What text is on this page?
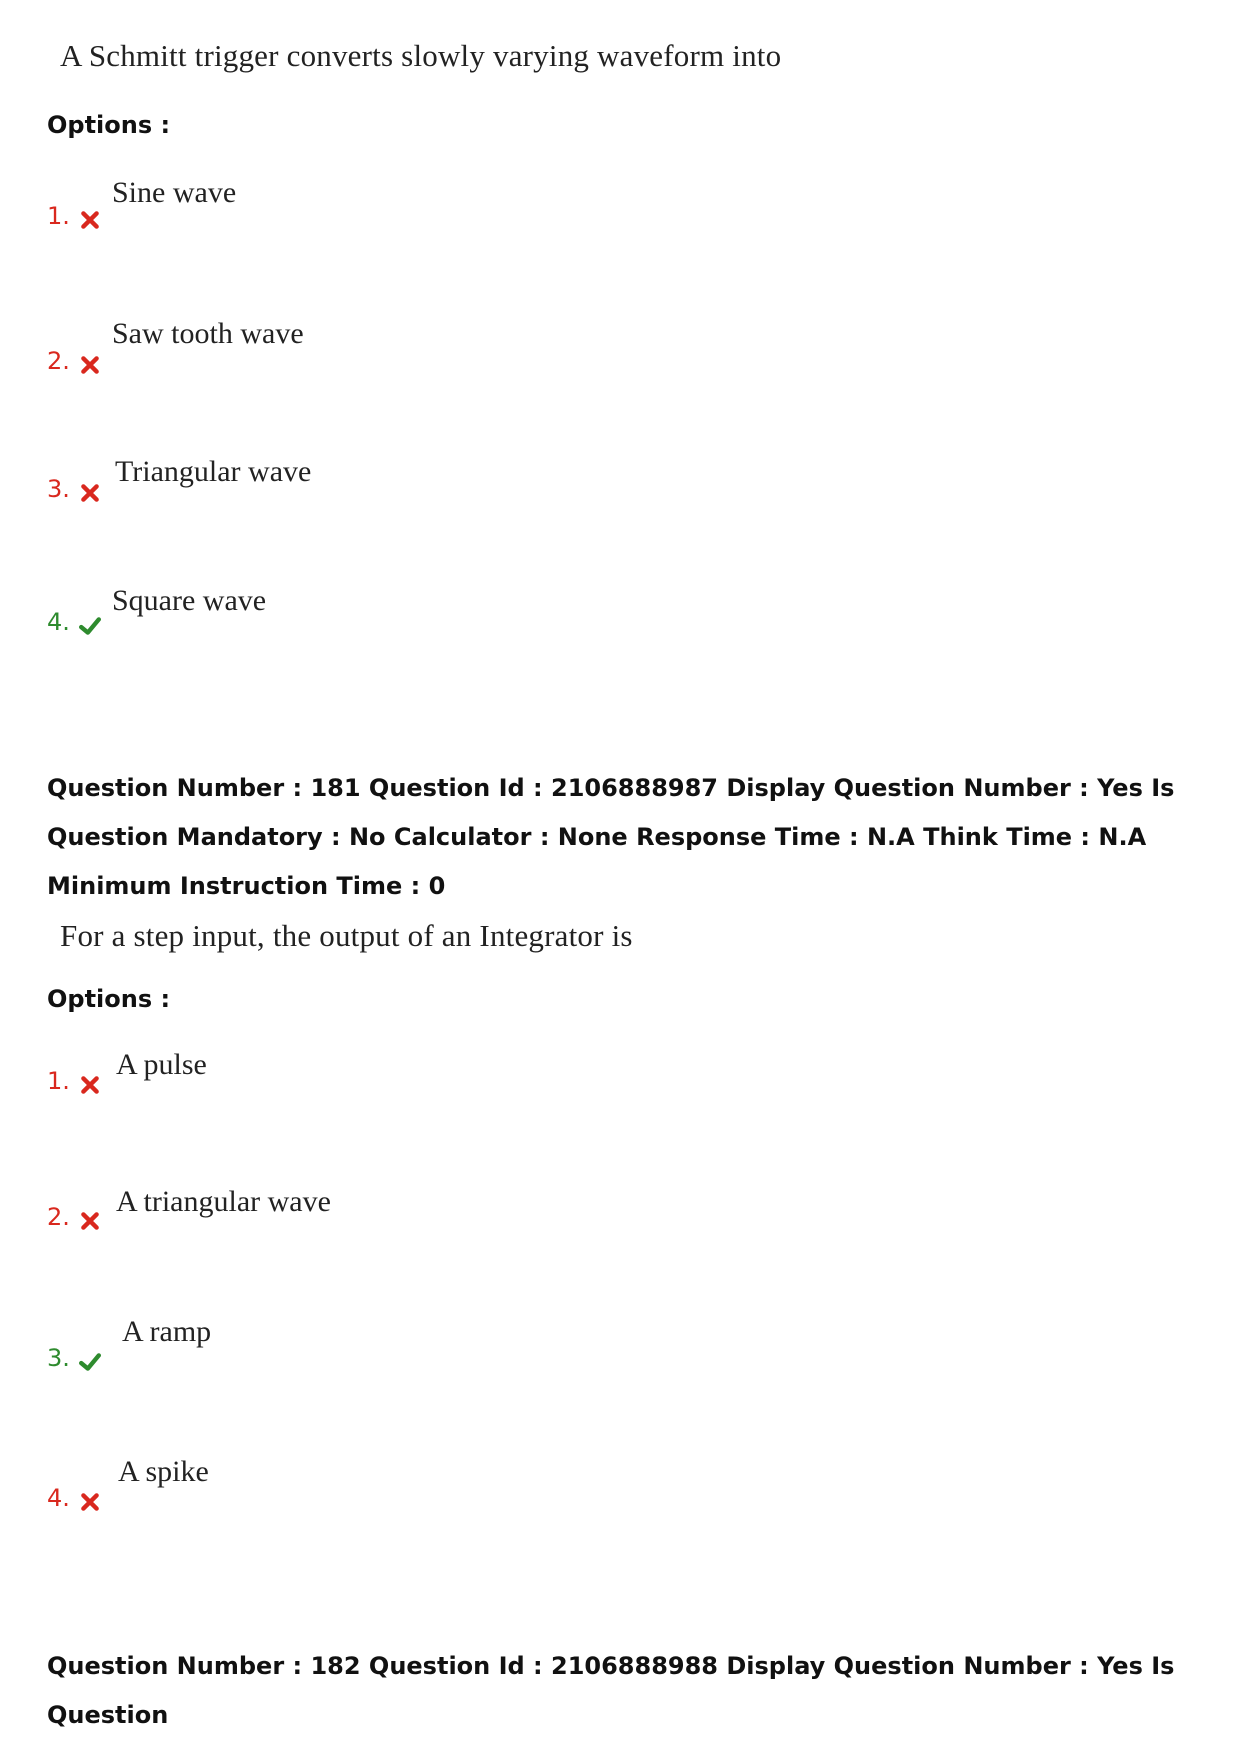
A Schmitt trigger converts slowly varying waveform into
Options :
1.
Sine wave
2.
Saw tooth wave
3.
Triangular wave
4.
Square wave
Question Number : 181 Question Id : 2106888987 Display Question Number : Yes Is Question Mandatory : No Calculator : None Response Time : N.A Think Time : N.A Minimum Instruction Time : 0
For a step input, the output of an Integrator is
Options :
1.	A pulse
2.	A triangular wave
3.
A ramp
4.
A spike
Question Number : 182 Question Id : 2106888988 Display Question Number : Yes Is Question
